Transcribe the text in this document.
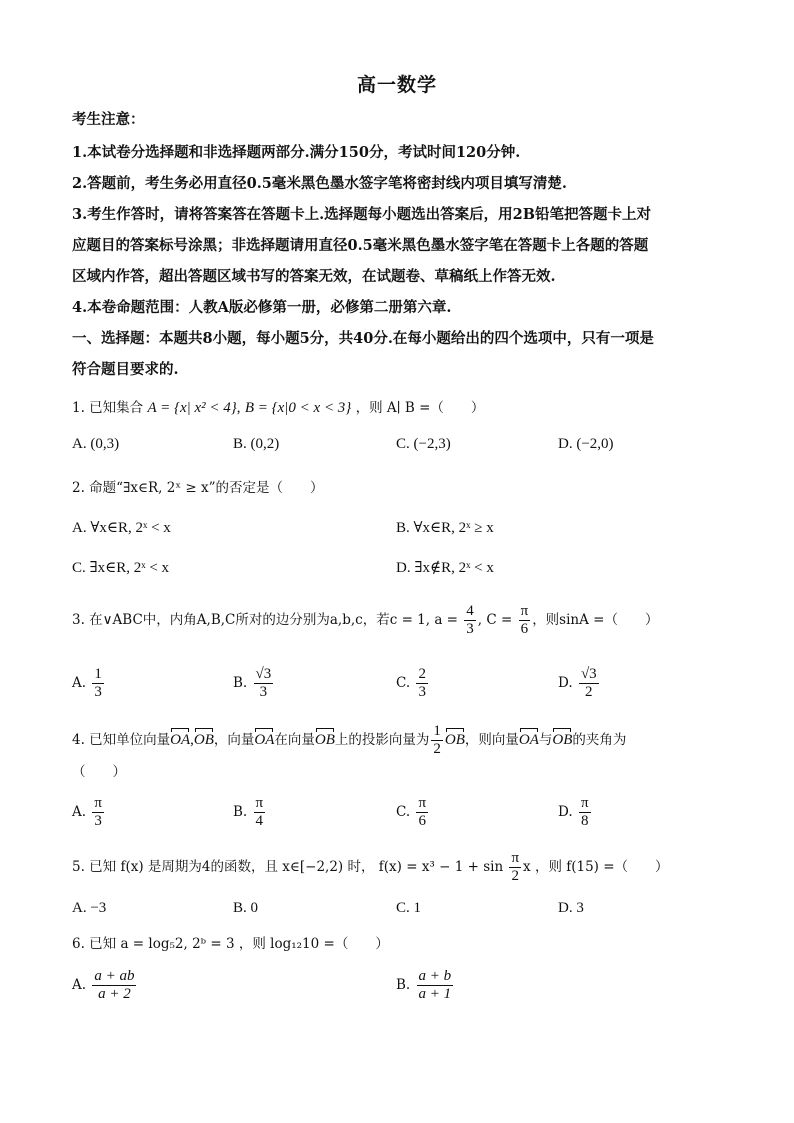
高一数学
考生注意：
1.本试卷分选择题和非选择题两部分.满分150分，考试时间120分钟.
2.答题前，考生务必用直径0.5毫米黑色墨水签字笔将密封线内项目填写清楚.
3.考生作答时，请将答案答在答题卡上.选择题每小题选出答案后，用2B铅笔把答题卡上对
应题目的答案标号涂黑；非选择题请用直径0.5毫米黑色墨水签字笔在答题卡上各题的答题
区域内作答，超出答题区域书写的答案无效，在试题卷、草稿纸上作答无效.
4.本卷命题范围：人教A版必修第一册，必修第二册第六章.
一、选择题：本题共8小题，每小题5分，共40分.在每小题给出的四个选项中，只有一项是
符合题目要求的.
1. 已知集合 A = {x| x² < 4}, B = {x|0 < x < 3} ，则 A∣ B =（　　）
A. (0,3)	B. (0,2)	C. (−2,3)	D. (−2,0)
2. 命题“∃x∈R, 2ˣ ≥ x”的否定是（　　）
A. ∀x∈R, 2ˣ < x	B. ∀x∈R, 2ˣ ≥ x
C. ∃x∈R, 2ˣ < x	D. ∃x∉R, 2ˣ < x
3. 在∨ABC中，内角A,B,C所对的边分别为a,b,c，若c = 1, $a = \frac{4}{3}$ , $C = \frac{\pi}{6}$ ，则sinA =（　　）
A. $\frac{1}{3}$	B. $\frac{√3}{3}$	C. $\frac{2}{3}$	D. $\frac{√3}{2}$
4. 已知单位向量OA,OB，向量OA在向量OB上的投影向量为 $\frac{1}{2}$ OB，则向量OA与OB的夹角为
（　　）
A. $\frac{\pi}{3}$	B. $\frac{\pi}{4}$	C. $\frac{\pi}{6}$	D. $\frac{\pi}{8}$
5. 已知 f(x) 是周期为4的函数，且 x∈[−2,2) 时， $f(x) = x^3 - 1 + \sin \frac{\pi}{2}$ x ，则 f(15) =（　　）
A. −3	B. 0	C. 1	D. 3
6. 已知 a = log₅2, 2ᵇ = 3 ，则 log₁₂10 =（　　）
A. $\frac{a + ab}{a + 2}$	B. $\frac{a + b}{a + 1}$
